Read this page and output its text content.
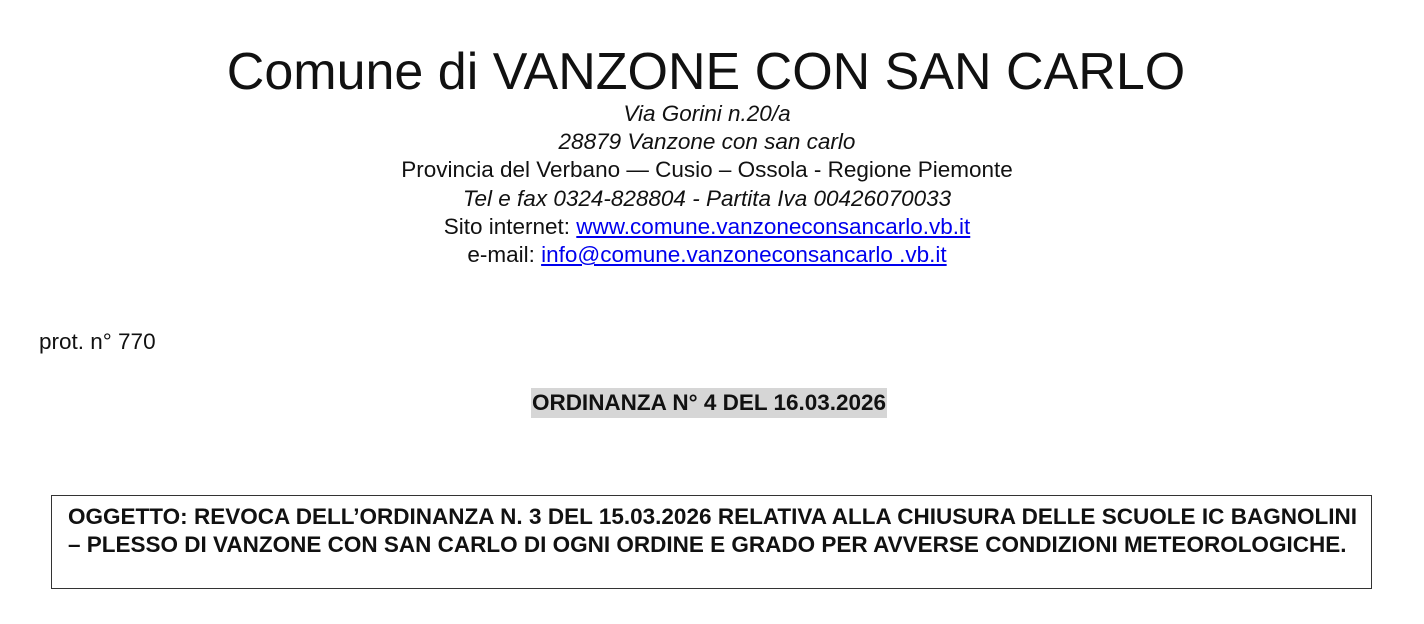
Comune di VANZONE CON SAN CARLO
Via Gorini n.20/a
28879 Vanzone con san carlo
Provincia del Verbano — Cusio – Ossola - Regione Piemonte
Tel e fax 0324-828804 - Partita Iva 00426070033
Sito internet: www.comune.vanzoneconsancarlo.vb.it
e-mail: info@comune.vanzoneconsancarlo .vb.it
prot. n° 770
ORDINANZA N° 4 DEL 16.03.2026

OGGETTO: REVOCA DELL’ORDINANZA N. 3 DEL 15.03.2026 RELATIVA ALLA CHIUSURA DELLE SCUOLE IC BAGNOLINI – PLESSO DI VANZONE CON SAN CARLO DI OGNI ORDINE E GRADO PER AVVERSE CONDIZIONI METEOROLOGICHE.
